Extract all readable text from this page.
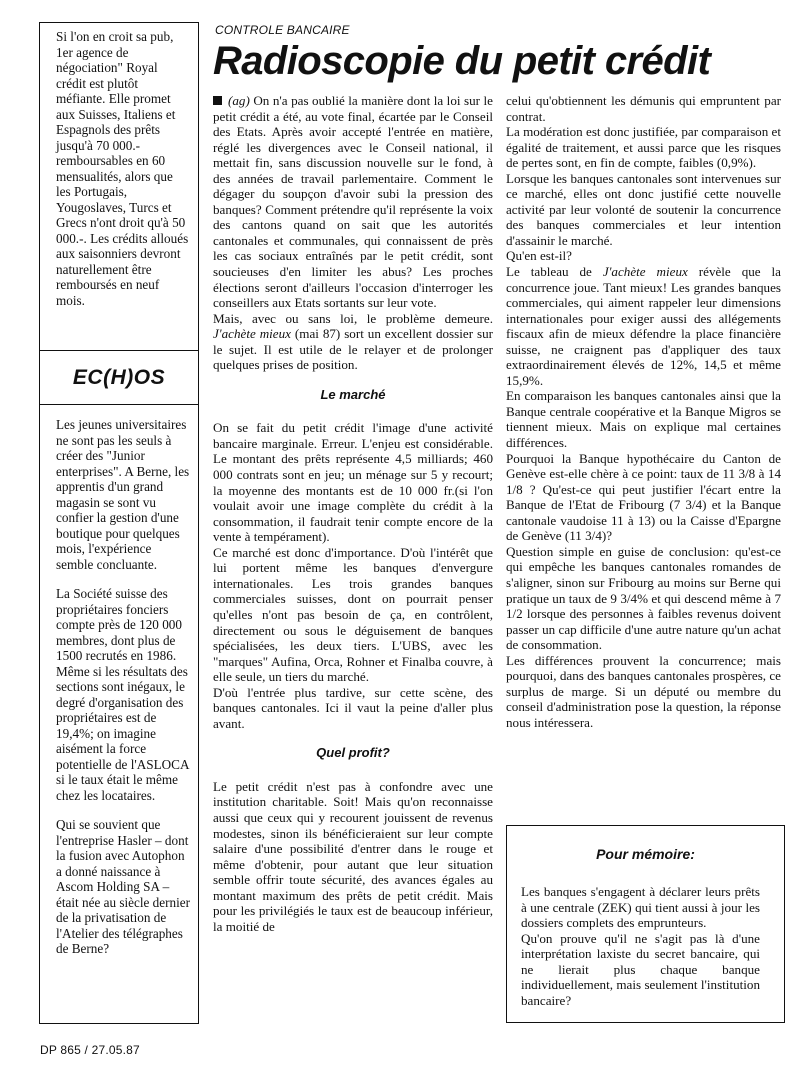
Si l'on en croit sa pub, 1er agence de négociation" Royal crédit est plutôt méfiante. Elle promet aux Suisses, Italiens et Espagnols des prêts jusqu'à 70 000.- remboursables en 60 mensualités, alors que les Portugais, Yougoslaves, Turcs et Grecs n'ont droit qu'à 50 000.-. Les crédits alloués aux saisonniers devront naturellement être remboursés en neuf mois.

EC(H)OS

Les jeunes universitaires ne sont pas les seuls à créer des "Junior enterprises". A Berne, les apprentis d'un grand magasin se sont vu confier la gestion d'une boutique pour quelques mois, l'expérience semble concluante.

La Société suisse des propriétaires fonciers compte près de 120 000 membres, dont plus de 1500 recrutés en 1986. Même si les résultats des sections sont inégaux, le degré d'organisation des propriétaires est de 19,4%; on imagine aisément la force potentielle de l'ASLOCA si le taux était le même chez les locataires.

Qui se souvient que l'entreprise Hasler – dont la fusion avec Autophon a donné naissance à Ascom Holding SA – était née au siècle dernier de la privatisation de l'Atelier des télégraphes de Berne?

CONTROLE BANCAIRE
Radioscopie du petit crédit

(ag) On n'a pas oublié la manière dont la loi sur le petit crédit a été, au vote final, écartée par le Conseil des Etats. Après avoir accepté l'entrée en matière, réglé les divergences avec le Conseil national, il mettait fin, sans discussion nouvelle sur le fond, à des années de travail parlementaire. Comment le dégager du soupçon d'avoir subi la pression des banques? Comment prétendre qu'il représente la voix des cantons quand on sait que les autorités cantonales et communales, qui connaissent de près les cas sociaux entraînés par le petit crédit, sont soucieuses d'en limiter les abus? Les proches élections seront d'ailleurs l'occasion d'interroger les conseillers aux Etats sortants sur leur vote.

Mais, avec ou sans loi, le problème demeure. J'achète mieux (mai 87) sort un excellent dossier sur le sujet. Il est utile de le relayer et de prolonger quelques prises de position.

Le marché

On se fait du petit crédit l'image d'une activité bancaire marginale. Erreur. L'enjeu est considérable. Le montant des prêts représente 4,5 milliards; 460 000 contrats sont en jeu; un ménage sur 5 y recourt; la moyenne des montants est de 10 000 fr.(si l'on voulait avoir une image complète du crédit à la consommation, il faudrait tenir compte encore de la vente à tempérament).

Ce marché est donc d'importance. D'où l'intérêt que lui portent même les banques d'envergure internationales. Les trois grandes banques commerciales suisses, dont on pourrait penser qu'elles n'ont pas besoin de ça, en contrôlent, directement ou sous le déguisement de banques spécialisées, les deux tiers. L'UBS, avec les "marques" Aufina, Orca, Rohner et Finalba couvre, à elle seule, un tiers du marché.

D'où l'entrée plus tardive, sur cette scène, des banques cantonales. Ici il vaut la peine d'aller plus avant.

Quel profit?

Le petit crédit n'est pas à confondre avec une institution charitable. Soit! Mais qu'on reconnaisse aussi que ceux qui y recourent jouissent de revenus modestes, sinon ils bénéficieraient sur leur compte salaire d'une possibilité d'entrer dans le rouge et même d'obtenir, pour autant que leur situation semble offrir toute sécurité, des avances égales au montant maximum des prêts de petit crédit. Mais pour les privilégiés le taux est de beaucoup inférieur, la moitié de

celui qu'obtiennent les démunis qui empruntent par contrat.

La modération est donc justifiée, par comparaison et égalité de traitement, et aussi parce que les risques de pertes sont, en fin de compte, faibles (0,9%).

Lorsque les banques cantonales sont intervenues sur ce marché, elles ont donc justifié cette nouvelle activité par leur volonté de soutenir la concurrence des banques commerciales et leur intention d'assainir le marché.

Qu'en est-il?

Le tableau de J'achète mieux révèle que la concurrence joue. Tant mieux! Les grandes banques commerciales, qui aiment rappeler leur dimensions internationales pour exiger aussi des allégements fiscaux afin de mieux défendre la place financière suisse, ne craignent pas d'appliquer des taux extraordinairement élevés de 12%, 14,5 et même 15,9%.

En comparaison les banques cantonales ainsi que la Banque centrale coopérative et la Banque Migros se tiennent mieux. Mais on explique mal certaines différences.

Pourquoi la Banque hypothécaire du Canton de Genève est-elle chère à ce point: taux de 11 3/8 à 14 1/8 ? Qu'est-ce qui peut justifier l'écart entre la Banque de l'Etat de Fribourg (7 3/4) et la Banque cantonale vaudoise 11 à 13) ou la Caisse d'Epargne de Genève (11 3/4)?

Question simple en guise de conclusion: qu'est-ce qui empêche les banques cantonales romandes de s'aligner, sinon sur Fribourg au moins sur Berne qui pratique un taux de 9 3/4% et qui descend même à 7 1/2 lorsque des personnes à faibles revenus doivent passer un cap difficile d'une autre nature qu'un achat de consommation.

Les différences prouvent la concurrence; mais pourquoi, dans des banques cantonales prospères, ce surplus de marge. Si un député ou membre du conseil d'administration pose la question, la réponse nous intéressera.

Pour mémoire:

Les banques s'engagent à déclarer leurs prêts à une centrale (ZEK) qui tient aussi à jour les dossiers complets des emprunteurs.

Qu'on prouve qu'il ne s'agit pas là d'une interprétation laxiste du secret bancaire, qui ne lierait plus chaque banque individuellement, mais seulement l'institution bancaire?

DP 865 / 27.05.87
